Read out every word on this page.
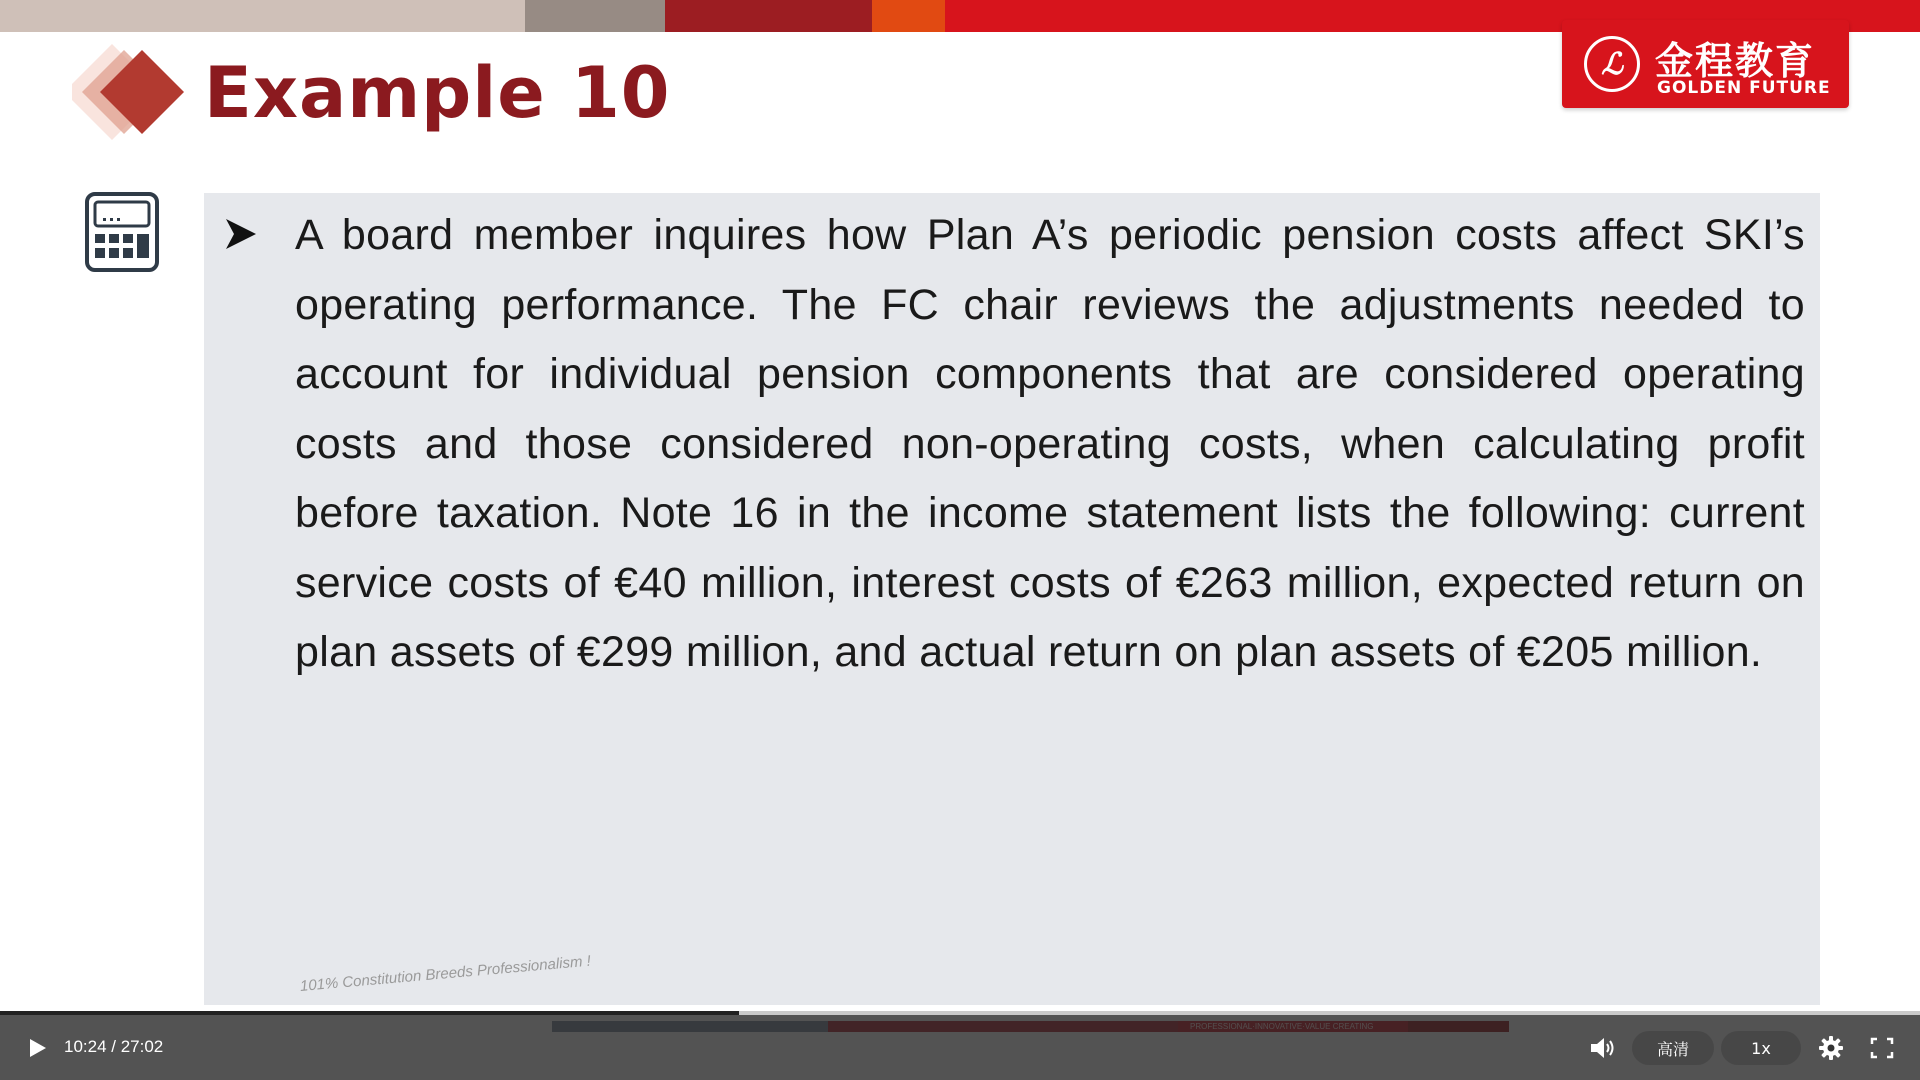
ℒ 金程教育
GOLDEN FUTURE
Example 10
A board member inquires how Plan A’s periodic pension costs affect SKI’s operating performance. The FC chair reviews the adjustments needed to account for individual pension components that are considered operating costs and those considered non-operating costs, when calculating profit before taxation. Note 16 in the income statement lists the following: current service costs of €40 million, interest costs of €263 million, expected return on plan assets of €299 million, and actual return on plan assets of €205 million.
101% Constitution Breeds Professionalism !
10:24 / 27:02	高清	1x
